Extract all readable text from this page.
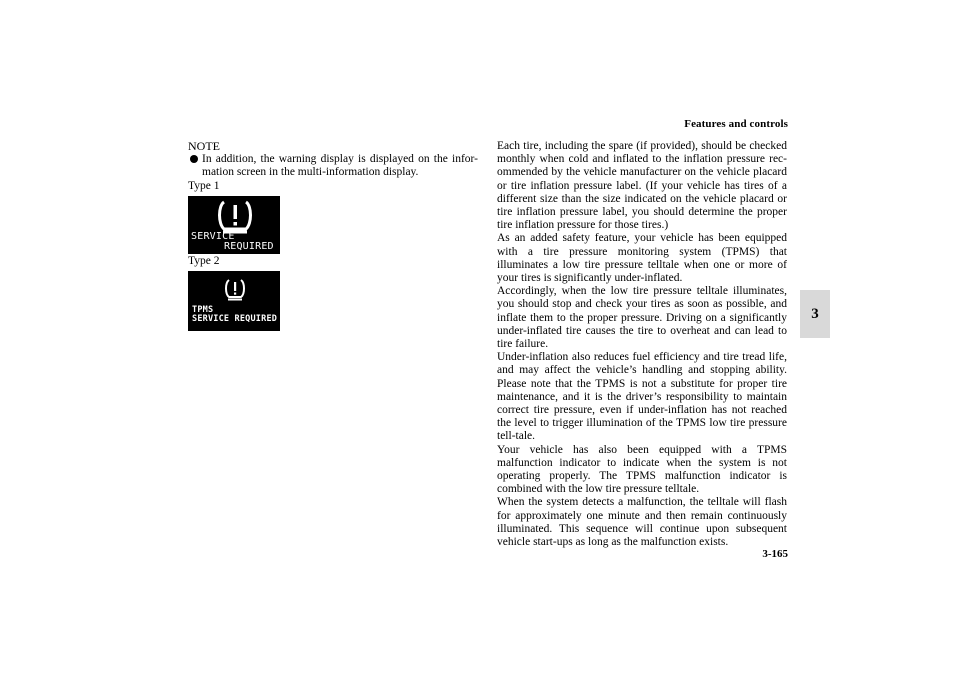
Features and controls
3
NOTE
In addition, the warning display is displayed on the infor-mation screen in the multi-information display.
Type 1
SERVICE
REQUIRED
Type 2
TPMS
SERVICE REQUIRED

Each tire, including the spare (if provided), should be checked monthly when cold and inflated to the inflation pressure rec-ommended by the vehicle manufacturer on the vehicle placard or tire inflation pressure label. (If your vehicle has tires of a different size than the size indicated on the vehicle placard or tire inflation pressure label, you should determine the proper tire inflation pressure for those tires.)

As an added safety feature, your vehicle has been equipped with a tire pressure monitoring system (TPMS) that illuminates a low tire pressure telltale when one or more of your tires is significantly under-inflated.

Accordingly, when the low tire pressure telltale illuminates, you should stop and check your tires as soon as possible, and inflate them to the proper pressure. Driving on a significantly under-inflated tire causes the tire to overheat and can lead to tire failure.

Under-inflation also reduces fuel efficiency and tire tread life, and may affect the vehicle’s handling and stopping ability. Please note that the TPMS is not a substitute for proper tire maintenance, and it is the driver’s responsibility to maintain correct tire pressure, even if under-inflation has not reached the level to trigger illumination of the TPMS low tire pressure tell-tale.

Your vehicle has also been equipped with a TPMS malfunction indicator to indicate when the system is not operating properly. The TPMS malfunction indicator is combined with the low tire pressure telltale.

When the system detects a malfunction, the telltale will flash for approximately one minute and then remain continuously illuminated. This sequence will continue upon subsequent vehicle start-ups as long as the malfunction exists.

3-165
